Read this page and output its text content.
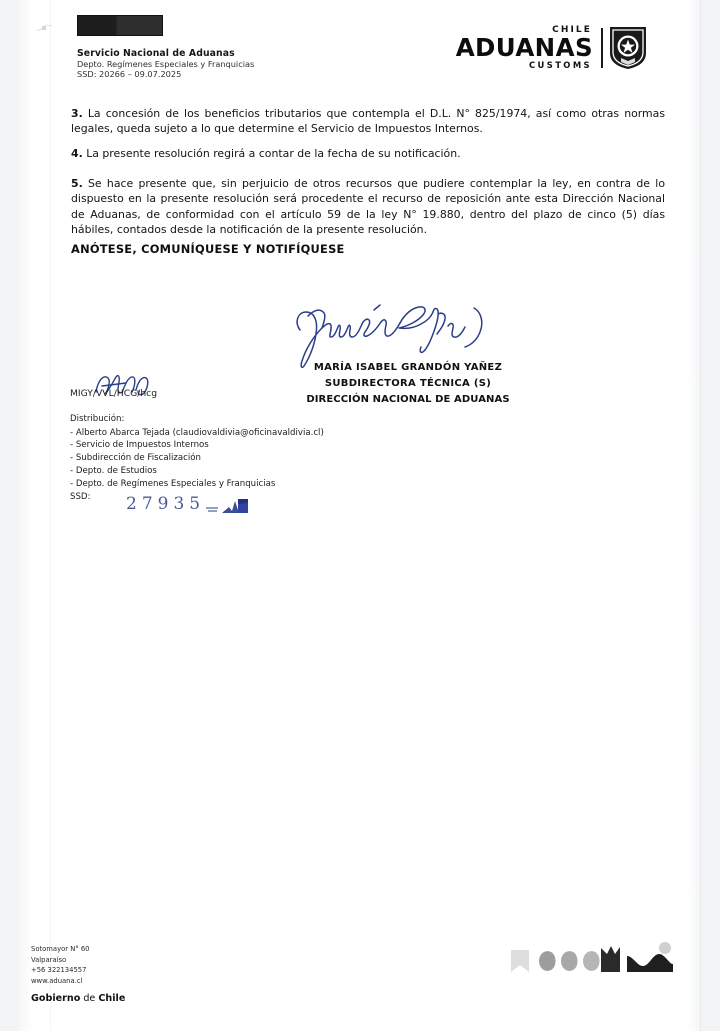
Servicio Nacional de Aduanas
Depto. Regímenes Especiales y Franquicias
SSD: 20266 – 09.07.2025
CHILE
ADUANAS
CUSTOMS
3. La concesión de los beneficios tributarios que contempla el D.L. N° 825/1974, así como otras normas legales, queda sujeto a lo que determine el Servicio de Impuestos Internos.
4. La presente resolución regirá a contar de la fecha de su notificación.
5. Se hace presente que, sin perjuicio de otros recursos que pudiere contemplar la ley, en contra de lo dispuesto en la presente resolución será procedente el recurso de reposición ante esta Dirección Nacional de Aduanas, de conformidad con el artículo 59 de la ley N° 19.880, dentro del plazo de cinco (5) días hábiles, contados desde la notificación de la presente resolución.
ANÓTESE, COMUNÍQUESE Y NOTIFÍQUESE
MARÍA ISABEL GRANDÓN YAÑEZ
SUBDIRECTORA TÉCNICA (S)
DIRECCIÓN NACIONAL DE ADUANAS
MIGY/VVL/HCG/hcg
Distribución:
- Alberto Abarca Tejada (claudiovaldivia@oficinavaldivia.cl)
- Servicio de Impuestos Internos
- Subdirección de Fiscalización
- Depto. de Estudios
- Depto. de Regímenes Especiales y Franquicias
SSD: 27935
Sotomayor N° 60
Valparaíso
+56 322134557
www.aduana.cl
Gobierno de Chile
